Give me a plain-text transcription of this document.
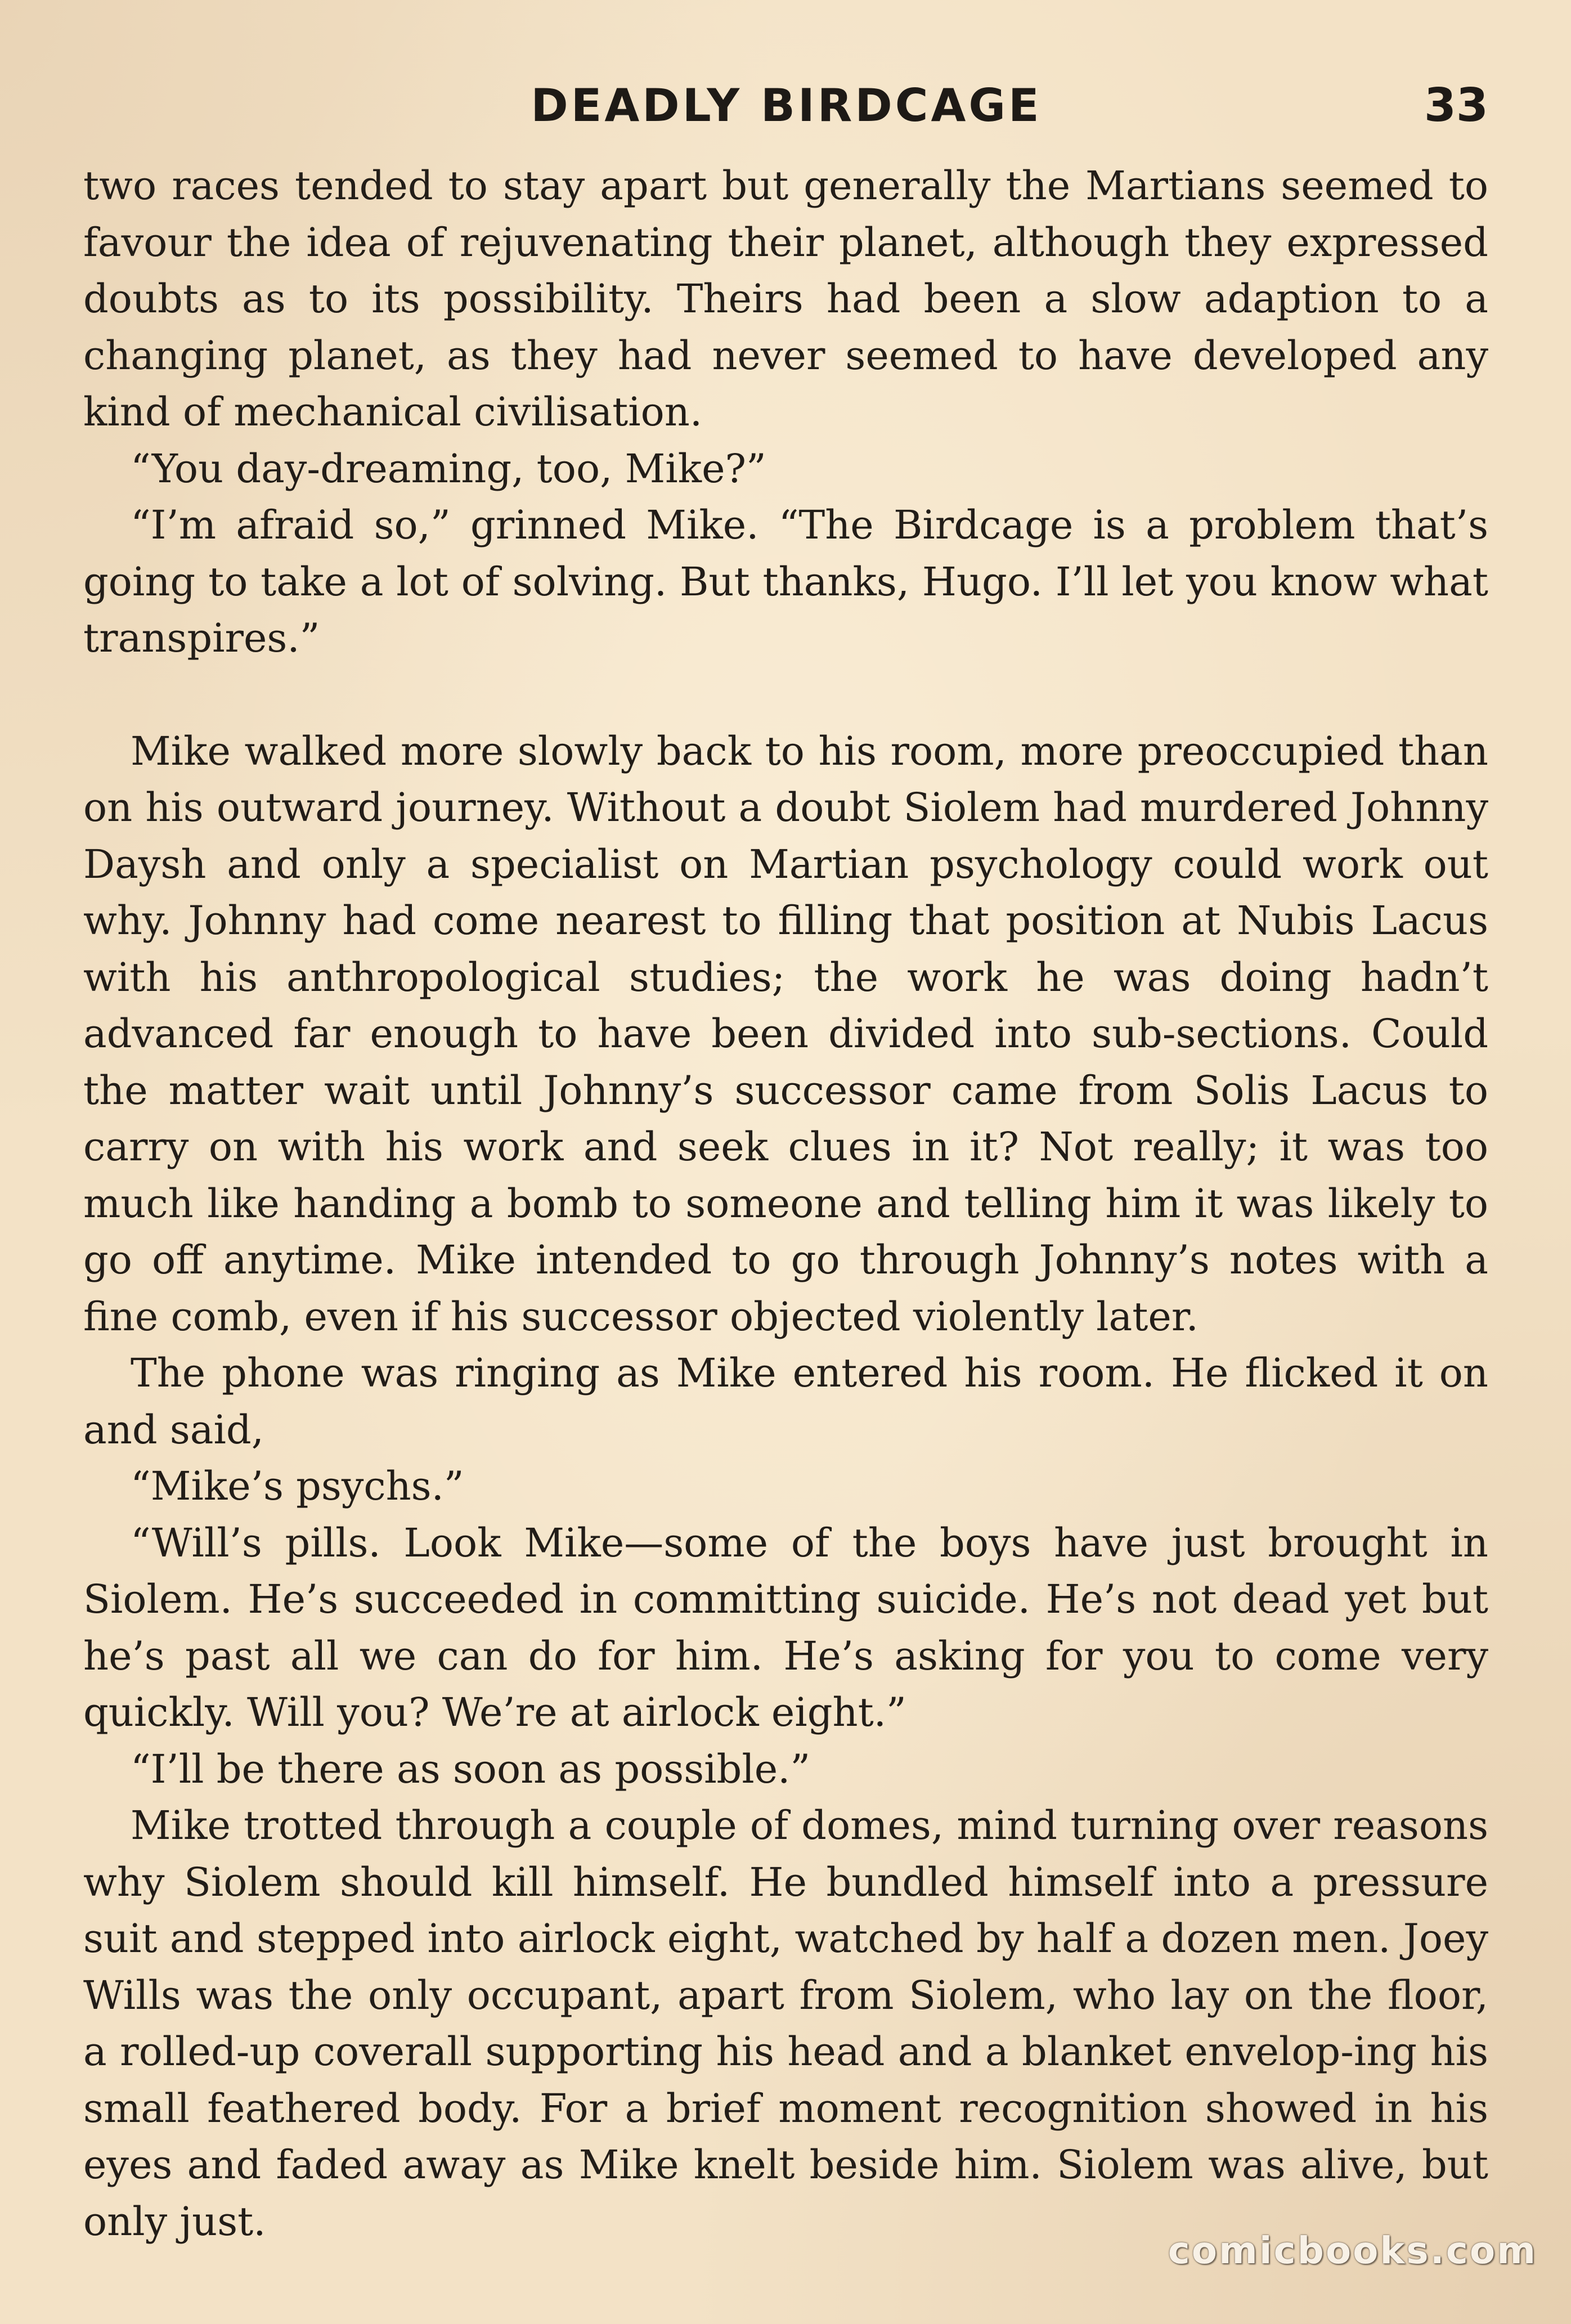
DEADLY BIRDCAGE	33

two races tended to stay apart but generally the Martians seemed to favour the idea of rejuvenating their planet, although they expressed doubts as to its possibility. Theirs had been a slow adaption to a changing planet, as they had never seemed to have developed any kind of mechanical civilisation.

“You day-dreaming, too, Mike?”

“I’m afraid so,” grinned Mike. “The Birdcage is a problem that’s going to take a lot of solving. But thanks, Hugo. I’ll let you know what transpires.”

Mike walked more slowly back to his room, more preoccupied than on his outward journey. Without a doubt Siolem had murdered Johnny Daysh and only a specialist on Martian psychology could work out why. Johnny had come nearest to filling that position at Nubis Lacus with his anthropological studies; the work he was doing hadn’t advanced far enough to have been divided into sub-sections. Could the matter wait until Johnny’s successor came from Solis Lacus to carry on with his work and seek clues in it? Not really; it was too much like handing a bomb to someone and telling him it was likely to go off anytime. Mike intended to go through Johnny’s notes with a fine comb, even if his successor objected violently later.

The phone was ringing as Mike entered his room. He flicked it on and said,

“Mike’s psychs.”

“Will’s pills. Look Mike—some of the boys have just brought in Siolem. He’s succeeded in committing suicide. He’s not dead yet but he’s past all we can do for him. He’s asking for you to come very quickly. Will you? We’re at airlock eight.”

“I’ll be there as soon as possible.”

Mike trotted through a couple of domes, mind turning over reasons why Siolem should kill himself. He bundled himself into a pressure suit and stepped into airlock eight, watched by half a dozen men. Joey Wills was the only occupant, apart from Siolem, who lay on the floor, a rolled-up coverall supporting his head and a blanket envelop-ing his small feathered body. For a brief moment recognition showed in his eyes and faded away as Mike knelt beside him. Siolem was alive, but only just.

comicbooks.com
